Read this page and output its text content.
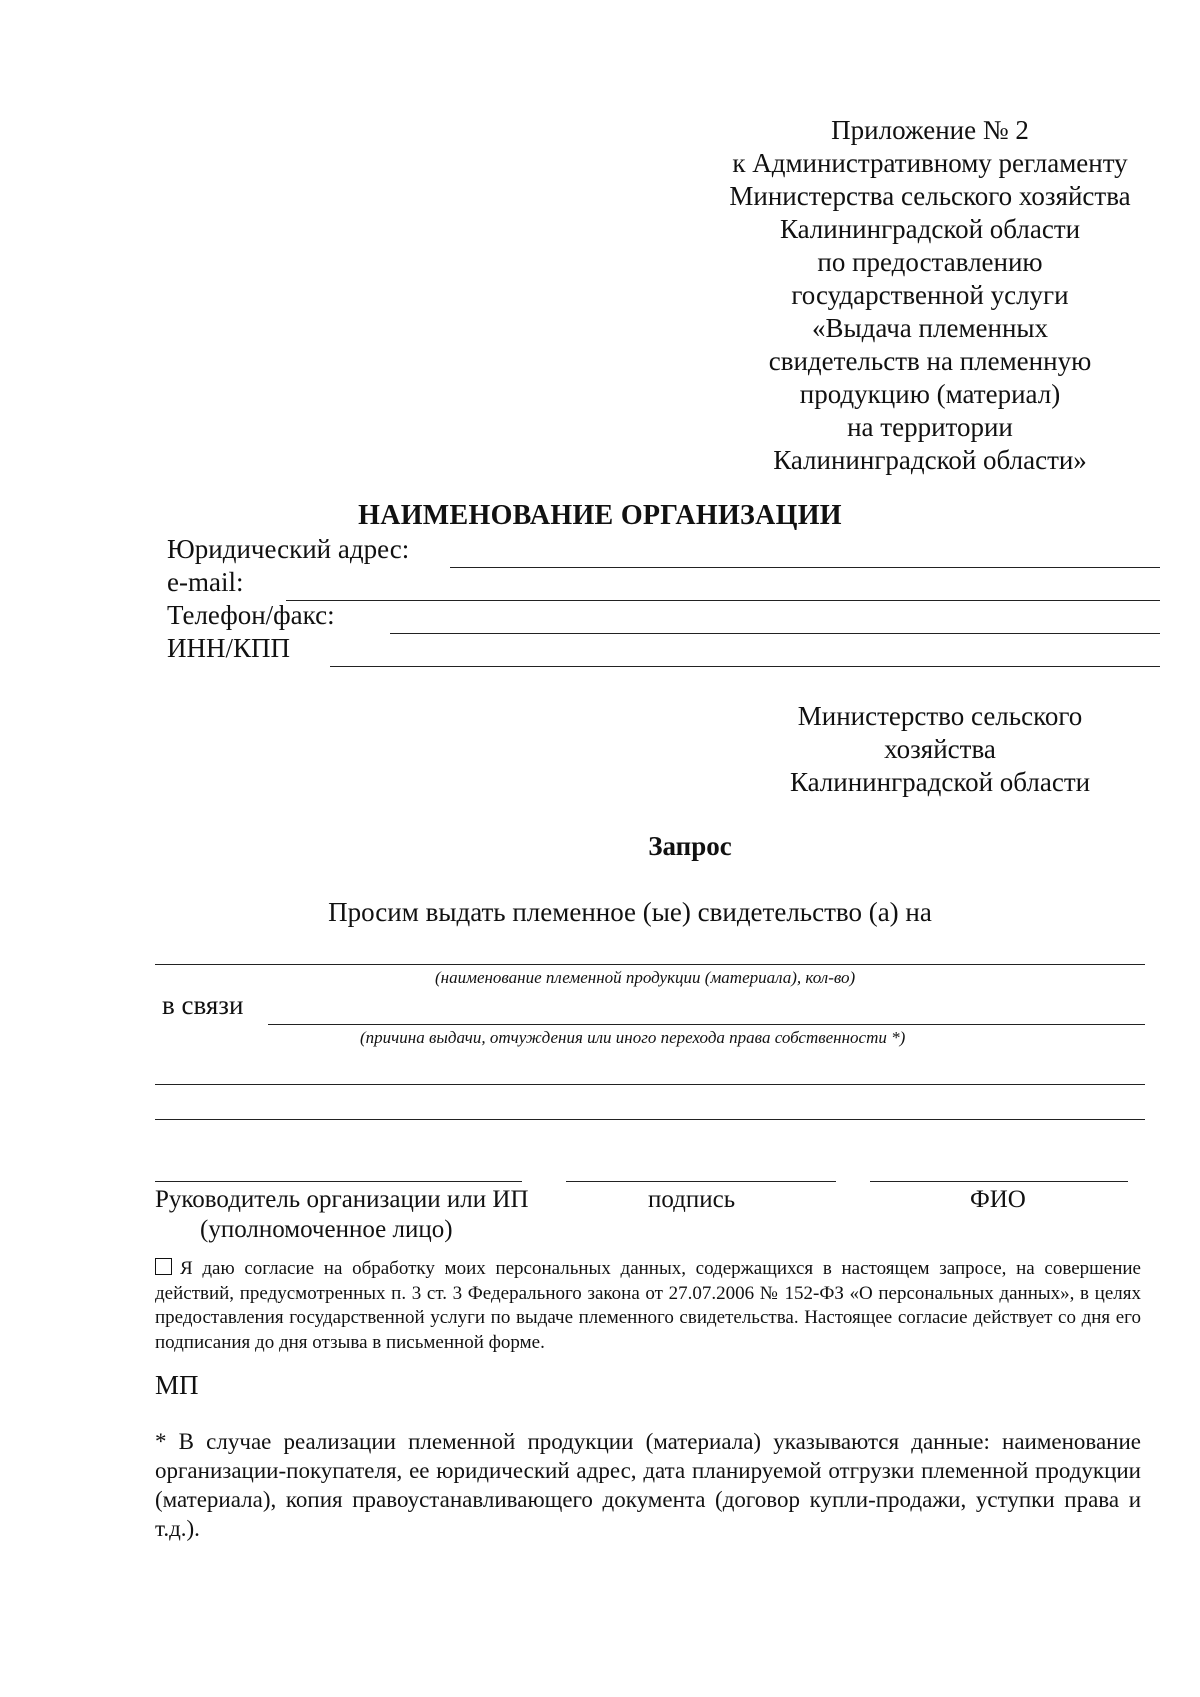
Приложение № 2
к Административному регламенту
Министерства сельского хозяйства
Калининградской области
по предоставлению
государственной услуги
«Выдача племенных
свидетельств на племенную
продукцию (материал)
на территории
Калининградской области»
НАИМЕНОВАНИЕ ОРГАНИЗАЦИИ
Юридический адрес:
e-mail:
Телефон/факс:
ИНН/КПП
Министерство сельского
хозяйства
Калининградской области
Запрос
Просим выдать племенное (ые) свидетельство (а) на
(наименование племенной продукции (материала), кол-во)
в связи
(причина выдачи, отчуждения или иного перехода права собственности *)
Руководитель организации или ИП
(уполномоченное лицо)
подпись	ФИО
Я даю согласие на обработку моих персональных данных, содержащихся в настоящем запросе, на совершение действий, предусмотренных п. 3 ст. 3 Федерального закона от 27.07.2006 № 152-ФЗ «О персональных данных», в целях предоставления государственной услуги по выдаче племенного свидетельства. Настоящее согласие действует со дня его подписания до дня отзыва в письменной форме.
МП
* В случае реализации племенной продукции (материала) указываются данные: наименование организации-покупателя, ее юридический адрес, дата планируемой отгрузки племенной продукции (материала), копия правоустанавливающего документа (договор купли-продажи, уступки права и т.д.).
